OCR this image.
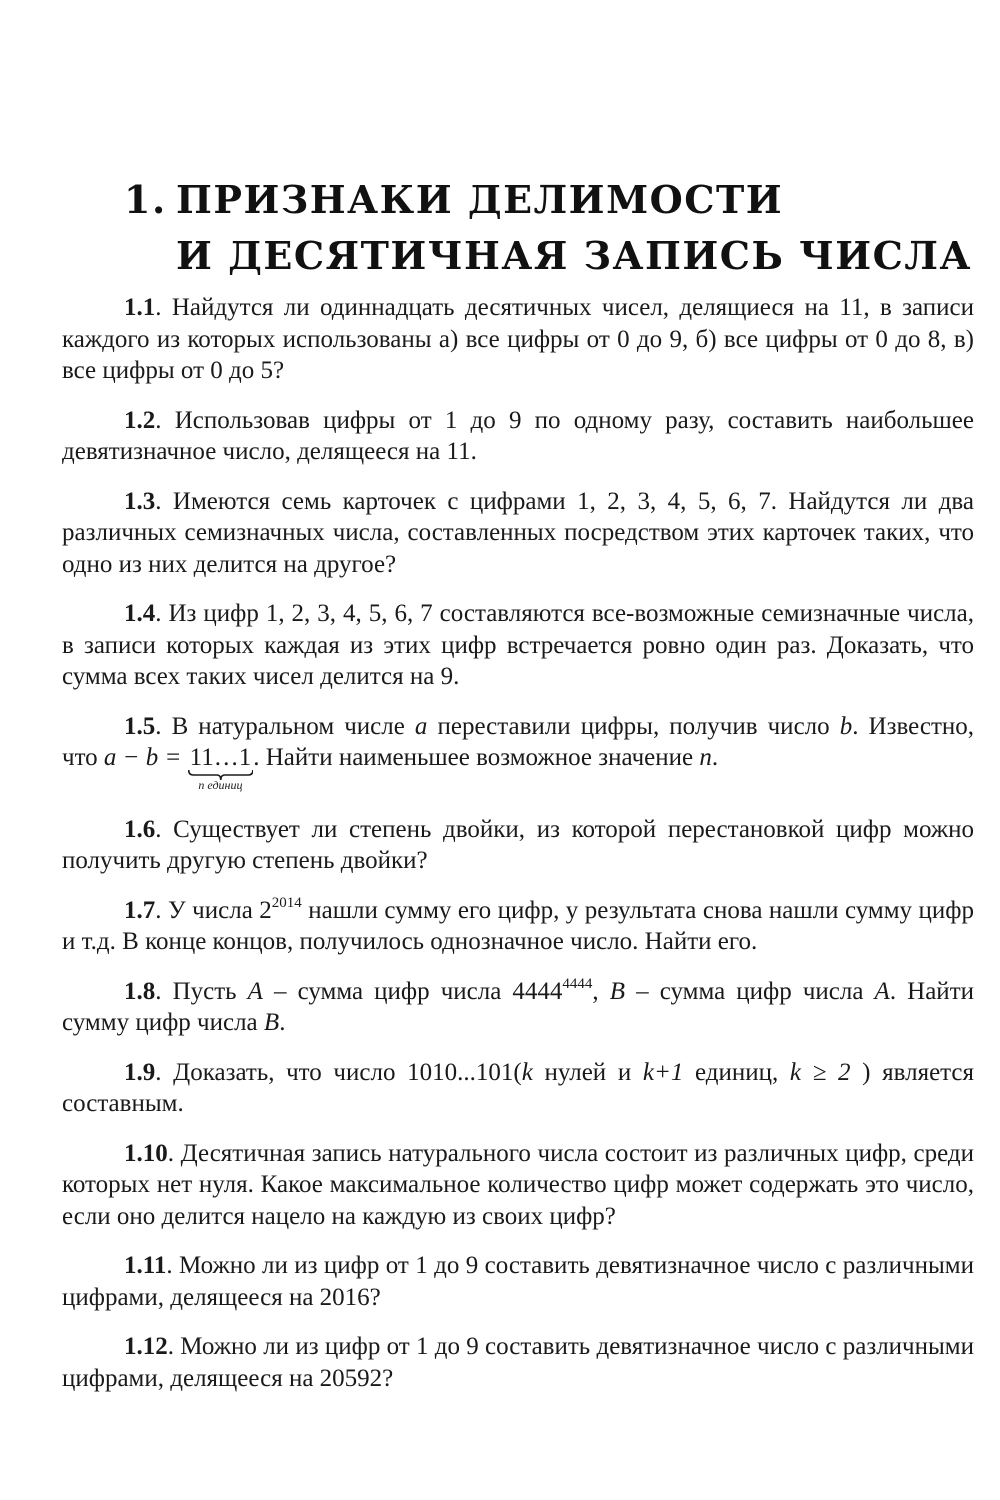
1. ПРИЗНАКИ ДЕЛИМОСТИ
И ДЕСЯТИЧНАЯ ЗАПИСЬ ЧИСЛА

1.1. Найдутся ли одиннадцать десятичных чисел, делящиеся на 11, в записи каждого из которых использованы а) все цифры от 0 до 9, б) все цифры от 0 до 8, в) все цифры от 0 до 5?

1.2. Использовав цифры от 1 до 9 по одному разу, составить наибольшее девятизначное число, делящееся на 11.

1.3. Имеются семь карточек с цифрами 1, 2, 3, 4, 5, 6, 7. Найдутся ли два различных семизначных числа, составленных посредством этих карточек таких, что одно из них делится на другое?

1.4. Из цифр 1, 2, 3, 4, 5, 6, 7 составляются все-возможные семизначные числа, в записи которых каждая из этих цифр встречается ровно один раз. Доказать, что сумма всех таких чисел делится на 9.

1.5. В натуральном числе a переставили цифры, получив число b. Известно, что a − b = 11…1
n единиц
. Найти наименьшее возможное значение n.

1.6. Существует ли степень двойки, из которой перестановкой цифр можно получить другую степень двойки?

1.7. У числа $2^{2014}$ нашли сумму его цифр, у результата снова нашли сумму цифр и т.д. В конце концов, получилось однозначное число. Найти его.

1.8. Пусть A – сумма цифр числа $4444^{4444}$, B – сумма цифр числа A. Найти сумму цифр числа B.

1.9. Доказать, что число 1010...101(k нулей и k+1 единиц, k ≥ 2 ) является составным.

1.10. Десятичная запись натурального числа состоит из различных цифр, среди которых нет нуля. Какое максимальное количество цифр может содержать это число, если оно делится нацело на каждую из своих цифр?

1.11. Можно ли из цифр от 1 до 9 составить девятизначное число с различными цифрами, делящееся на 2016?

1.12. Можно ли из цифр от 1 до 9 составить девятизначное число с различными цифрами, делящееся на 20592?
